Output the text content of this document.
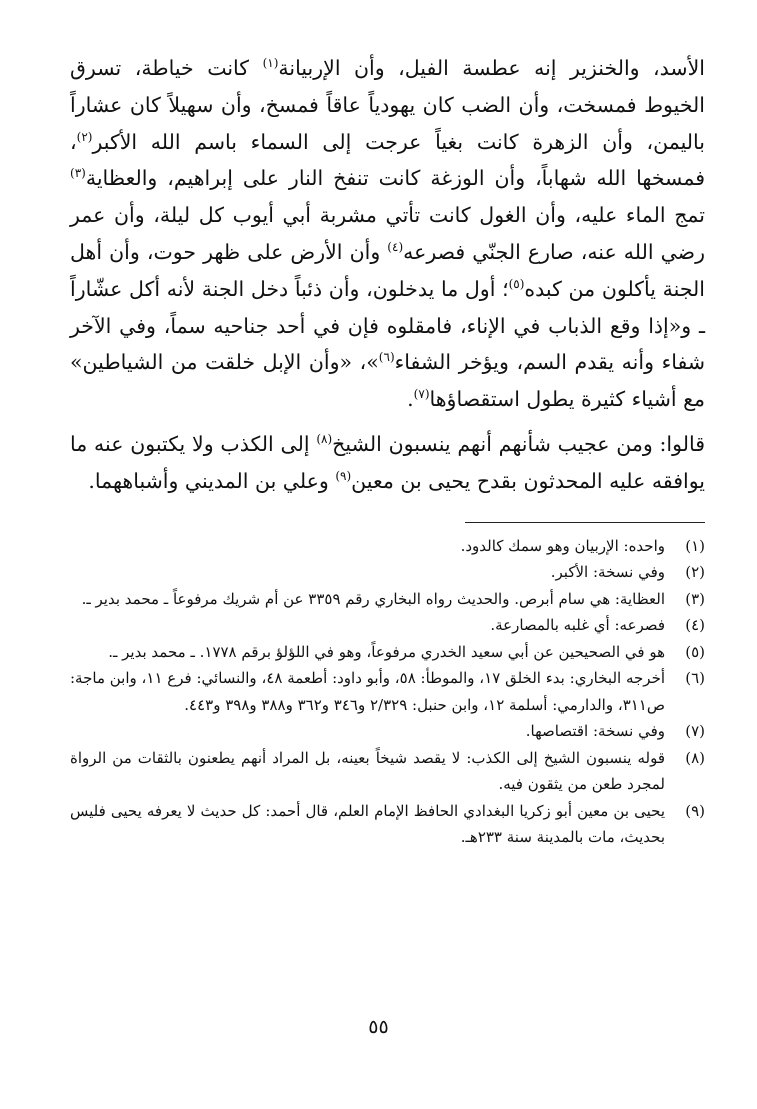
الأسد، والخنزير إنه عطسة الفيل، وأن الإربيانة$^{(١)}$ كانت خياطة، تسرق الخيوط فمسخت، وأن الضب كان يهودياً عاقاً فمسخ، وأن سهيلاً كان عشاراً باليمن، وأن الزهرة كانت بغياً عرجت إلى السماء باسم الله الأكبر$^{(٢)}$، فمسخها الله شهاباً، وأن الوزغة كانت تنفخ النار على إبراهيم، والعظاية$^{(٣)}$ تمج الماء عليه، وأن الغول كانت تأتي مشربة أبي أيوب كل ليلة، وأن عمر رضي الله عنه، صارع الجنّي فصرعه$^{(٤)}$ وأن الأرض على ظهر حوت، وأن أهل الجنة يأكلون من كبده$^{(٥)}$؛ أول ما يدخلون، وأن ذئباً دخل الجنة لأنه أكل عشّاراً ـ و«إذا وقع الذباب في الإناء، فامقلوه فإن في أحد جناحيه سماً، وفي الآخر شفاء وأنه يقدم السم، ويؤخر الشفاء$^{(٦)}$»، «وأن الإبل خلقت من الشياطين» مع أشياء كثيرة يطول استقصاؤها$^{(٧)}$.

قالوا: ومن عجيب شأنهم أنهم ينسبون الشيخ$^{(٨)}$ إلى الكذب ولا يكتبون عنه ما يوافقه عليه المحدثون بقدح يحيى بن معين$^{(٩)}$ وعلي بن المديني وأشباههما.

(١)
واحده: الإربيان وهو سمك كالدود.
(٢)
وفي نسخة: الأكبر.
(٣)
العظاية: هي سام أبرص. والحديث رواه البخاري رقم ٣٣٥٩ عن أم شريك مرفوعاً ـ محمد بدير ـ.
(٤)
فصرعه: أي غلبه بالمصارعة.
(٥)
هو في الصحيحين عن أبي سعيد الخدري مرفوعاً، وهو في اللؤلؤ برقم ١٧٧٨. ـ محمد بدير ـ.
(٦)
أخرجه البخاري: بدء الخلق ١٧، والموطأ: ٥٨، وأبو داود: أطعمة ٤٨، والنسائي: فرع ١١، وابن ماجة: ص٣١١، والدارمي: أسلمة ١٢، وابن حنبل: ٢/٣٢٩ و٣٤٦ و٣٦٢ و٣٨٨ و٣٩٨ و٤٤٣.
(٧)
وفي نسخة: اقتصاصها.
(٨)
قوله ينسبون الشيخ إلى الكذب: لا يقصد شيخاً بعينه، بل المراد أنهم يطعنون بالثقات من الرواة لمجرد طعن من يثقون فيه.
(٩)
يحيى بن معين أبو زكريا البغدادي الحافظ الإمام العلم، قال أحمد: كل حديث لا يعرفه يحيى فليس بحديث، مات بالمدينة سنة ٢٣٣هـ.
٥٥
